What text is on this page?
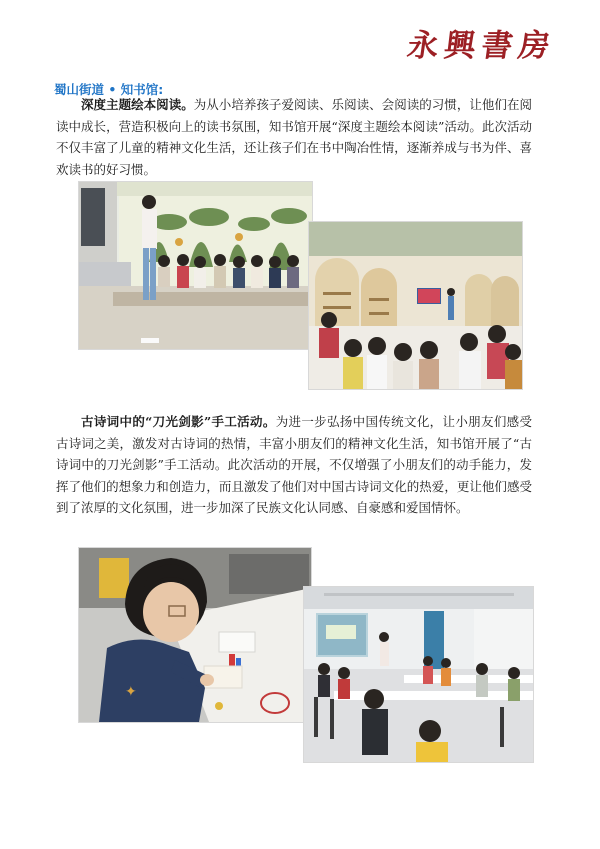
永興書房
蜀山街道 • 知书馆:

深度主题绘本阅读。为从小培养孩子爱阅读、乐阅读、会阅读的习惯，让他们在阅读中成长，营造积极向上的读书氛围，知书馆开展“深度主题绘本阅读”活动。此次活动不仅丰富了儿童的精神文化生活，还让孩子们在书中陶冶性情，逐渐养成与书为伴、喜欢读书的好习惯。

古诗词中的“刀光剑影”手工活动。为进一步弘扬中国传统文化，让小朋友们感受古诗词之美，激发对古诗词的热情，丰富小朋友们的精神文化生活，知书馆开展了“古诗词中的刀光剑影”手工活动。此次活动的开展，不仅增强了小朋友们的动手能力，发挥了他们的想象力和创造力，而且激发了他们对中国古诗词文化的热爱，更让他们感受到了浓厚的文化氛围，进一步加深了民族文化认同感、自豪感和爱国情怀。

✦
